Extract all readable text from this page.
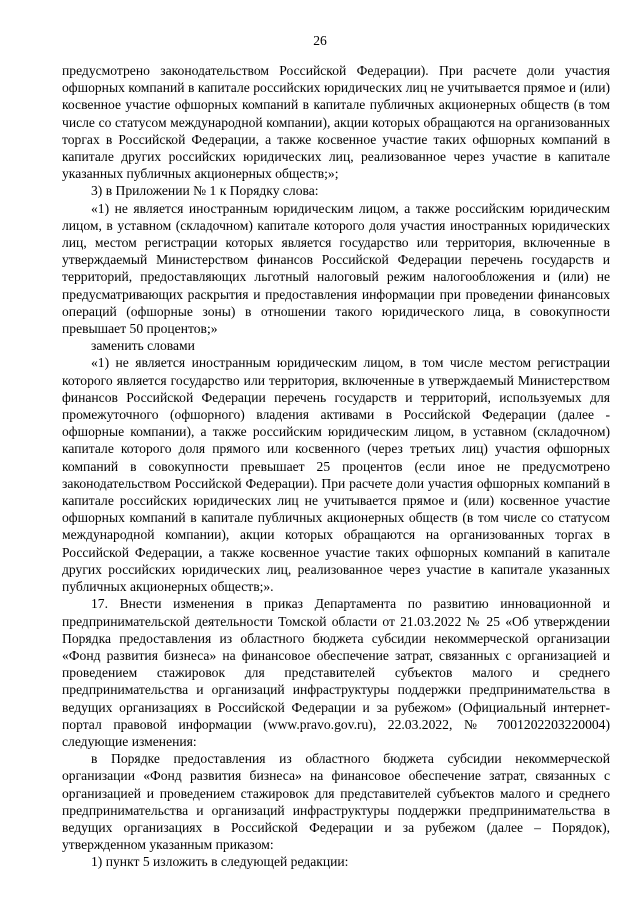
26

предусмотрено законодательством Российской Федерации). При расчете доли участия офшорных компаний в капитале российских юридических лиц не учитывается прямое и (или) косвенное участие офшорных компаний в капитале публичных акционерных обществ (в том числе со статусом международной компании), акции которых обращаются на организованных торгах в Российской Федерации, а также косвенное участие таких офшорных компаний в капитале других российских юридических лиц, реализованное через участие в капитале указанных публичных акционерных обществ;»;

3) в Приложении № 1 к Порядку слова:

«1) не является иностранным юридическим лицом, а также российским юридическим лицом, в уставном (складочном) капитале которого доля участия иностранных юридических лиц, местом регистрации которых является государство или территория, включенные в утверждаемый Министерством финансов Российской Федерации перечень государств и территорий, предоставляющих льготный налоговый режим налогообложения и (или) не предусматривающих раскрытия и предоставления информации при проведении финансовых операций (офшорные зоны) в отношении такого юридического лица, в совокупности превышает 50 процентов;»

заменить словами

«1) не является иностранным юридическим лицом, в том числе местом регистрации которого является государство или территория, включенные в утверждаемый Министерством финансов Российской Федерации перечень государств и территорий, используемых для промежуточного (офшорного) владения активами в Российской Федерации (далее - офшорные компании), а также российским юридическим лицом, в уставном (складочном) капитале которого доля прямого или косвенного (через третьих лиц) участия офшорных компаний в совокупности превышает 25 процентов (если иное не предусмотрено законодательством Российской Федерации). При расчете доли участия офшорных компаний в капитале российских юридических лиц не учитывается прямое и (или) косвенное участие офшорных компаний в капитале публичных акционерных обществ (в том числе со статусом международной компании), акции которых обращаются на организованных торгах в Российской Федерации, а также косвенное участие таких офшорных компаний в капитале других российских юридических лиц, реализованное через участие в капитале указанных публичных акционерных обществ;».

17. Внести изменения в приказ Департамента по развитию инновационной и предпринимательской деятельности Томской области от 21.03.2022 № 25 «Об утверждении Порядка предоставления из областного бюджета субсидии некоммерческой организации «Фонд развития бизнеса» на финансовое обеспечение затрат, связанных с организацией и проведением стажировок для представителей субъектов малого и среднего предпринимательства и организаций инфраструктуры поддержки предпринимательства в ведущих организациях в Российской Федерации и за рубежом» (Официальный интернет-портал правовой информации (www.pravo.gov.ru), 22.03.2022, № 7001202203220004) следующие изменения:

в Порядке предоставления из областного бюджета субсидии некоммерческой организации «Фонд развития бизнеса» на финансовое обеспечение затрат, связанных с организацией и проведением стажировок для представителей субъектов малого и среднего предпринимательства и организаций инфраструктуры поддержки предпринимательства в ведущих организациях в Российской Федерации и за рубежом (далее – Порядок), утвержденном указанным приказом:

1) пункт 5 изложить в следующей редакции:
